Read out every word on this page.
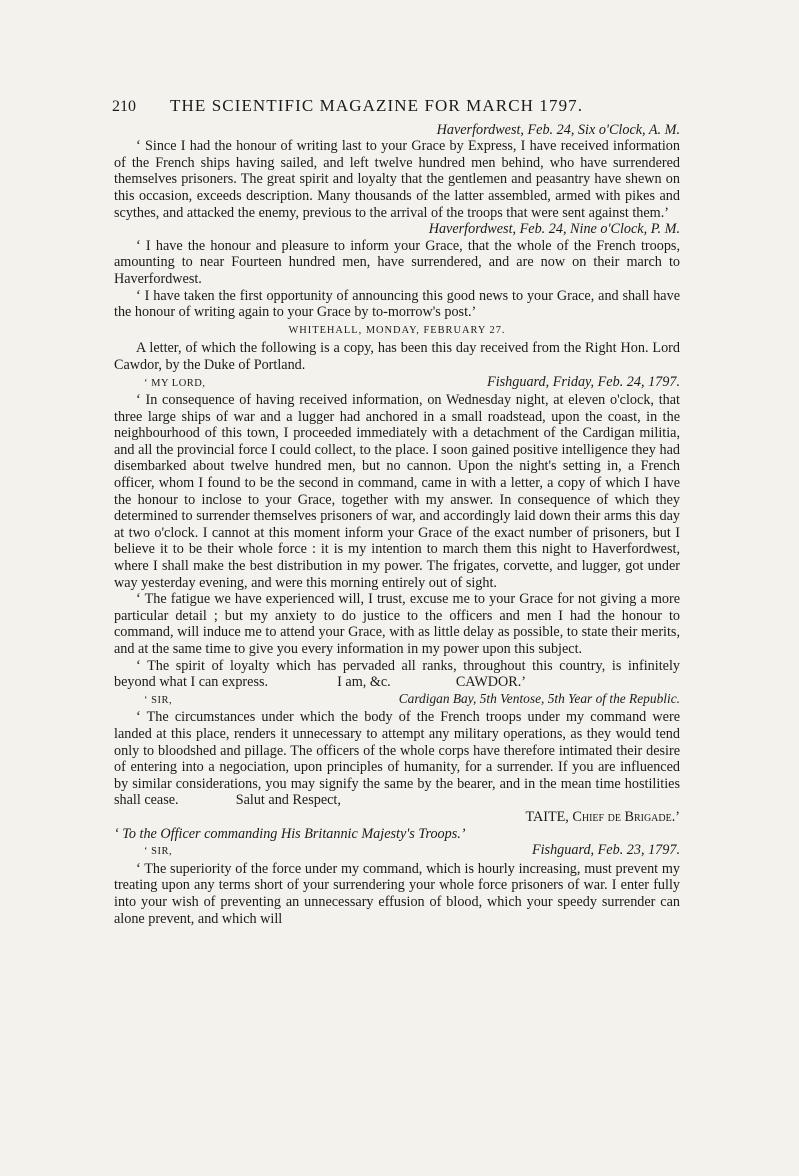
210	THE SCIENTIFIC MAGAZINE FOR MARCH 1797.

Haverfordwest, Feb. 24, Six o'Clock, A. M.

‘ Since I had the honour of writing last to your Grace by Express, I have received information of the French ships having sailed, and left twelve hundred men behind, who have surrendered themselves prisoners. The great spirit and loyalty that the gentlemen and peasantry have shewn on this occasion, exceeds description. Many thousands of the latter assembled, armed with pikes and scythes, and attacked the enemy, previous to the arrival of the troops that were sent against them.’

Haverfordwest, Feb. 24, Nine o'Clock, P. M.

‘ I have the honour and pleasure to inform your Grace, that the whole of the French troops, amounting to near Fourteen hundred men, have surrendered, and are now on their march to Haverfordwest.

‘ I have taken the first opportunity of announcing this good news to your Grace, and shall have the honour of writing again to your Grace by to-morrow's post.’

WHITEHALL, MONDAY, FEBRUARY 27.

A letter, of which the following is a copy, has been this day received from the Right Hon. Lord Cawdor, by the Duke of Portland.

‘ MY LORD,	Fishguard, Friday, Feb. 24, 1797.

‘ In consequence of having received information, on Wednesday night, at eleven o'clock, that three large ships of war and a lugger had anchored in a small roadstead, upon the coast, in the neighbourhood of this town, I proceeded immediately with a detachment of the Cardigan militia, and all the provincial force I could collect, to the place. I soon gained positive intelligence they had disembarked about twelve hundred men, but no cannon. Upon the night's setting in, a French officer, whom I found to be the second in command, came in with a letter, a copy of which I have the honour to inclose to your Grace, together with my answer. In consequence of which they determined to surrender themselves prisoners of war, and accordingly laid down their arms this day at two o'clock. I cannot at this moment inform your Grace of the exact number of prisoners, but I believe it to be their whole force : it is my intention to march them this night to Haverfordwest, where I shall make the best distribution in my power. The frigates, corvette, and lugger, got under way yesterday evening, and were this morning entirely out of sight.

‘ The fatigue we have experienced will, I trust, excuse me to your Grace for not giving a more particular detail ; but my anxiety to do justice to the officers and men I had the honour to command, will induce me to attend your Grace, with as little delay as possible, to state their merits, and at the same time to give you every information in my power upon this subject.

‘ The spirit of loyalty which has pervaded all ranks, throughout this country, is infinitely beyond what I can express.	I am, &c.	CAWDOR.’

‘ SIR,	Cardigan Bay, 5th Ventose, 5th Year of the Republic.

‘ The circumstances under which the body of the French troops under my command were landed at this place, renders it unnecessary to attempt any military operations, as they would tend only to bloodshed and pillage. The officers of the whole corps have therefore intimated their desire of entering into a negociation, upon principles of humanity, for a surrender. If you are influenced by similar considerations, you may signify the same by the bearer, and in the mean time hostilities shall cease.	Salut and Respect,

TAITE, Chief de Brigade.’

‘ To the Officer commanding His Britannic Majesty's Troops.’

‘ SIR,	Fishguard, Feb. 23, 1797.

‘ The superiority of the force under my command, which is hourly increasing, must prevent my treating upon any terms short of your surrendering your whole force prisoners of war. I enter fully into your wish of preventing an unnecessary effusion of blood, which your speedy surrender can alone prevent, and which will
